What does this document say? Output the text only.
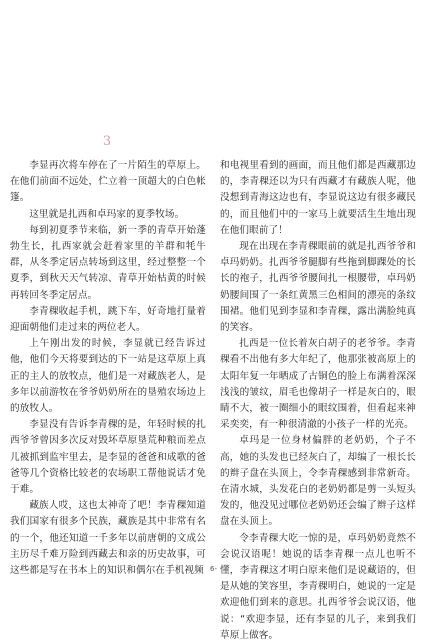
3

李显再次将车停在了一片陌生的草原上。在他们前面不远处，伫立着一顶超大的白色帐篷。

这里就是扎西和卓玛家的夏季牧场。

每到初夏季节来临，新一季的青草开始蓬勃生长，扎西家就会赶着家里的羊群和牦牛群，从冬季定居点转场到这里，经过整整一个夏季，到秋天天气转凉、青草开始枯黄的时候再转回冬季定居点。

李青稞收起手机，跳下车，好奇地打量着迎面朝他们走过来的两位老人。

上午刚出发的时候，李显就已经告诉过他，他们今天将要到达的下一站是这草原上真正的主人的放牧点，他们是一对藏族老人，是多年以前游牧在爷爷奶奶所在的垦殖农场边上的放牧人。

李显没有告诉李青稞的是，年轻时候的扎西爷爷曾因多次反对毁坏草原垦荒种粮而差点儿被抓到监牢里去，是李显的爸爸和成歌的爸爸等几个资格比较老的农场职工帮他说话才免于难。

藏族人哎，这也太神奇了吧！李青稞知道我们国家有很多个民族，藏族是其中非常有名的一个，他还知道一千多年以前唐朝的文成公主历尽千难万险到西藏去和亲的历史故事，可这些都是写在书本上的知识和偶尔在手机视频

和电视里看到的画面，而且他们都是西藏那边的，李青稞还以为只有西藏才有藏族人呢，他没想到青海这边也有，李显说这边有很多藏民的，而且他们中的一家马上就要活生生地出现在他们眼前了！

现在出现在李青稞眼前的就是扎西爷爷和卓玛奶奶。扎西爷爷腿脚有些拖到脚踝处的长长的袍子，扎西爷爷腰间扎一根腰带，卓玛奶奶腰间围了一条红黄黑三色相间的漂亮的条纹围裙。他们见到李显和李青稞，露出满脸纯真的笑容。

扎西是一位长着灰白胡子的老爷爷。李青稞看不出他有多大年纪了，他那张被高原上的太阳年复一年晒成了古铜色的脸上布满着深深浅浅的皱纹，眉毛也像胡子一样是灰白的，眼睛不大，被一圈细小的眼纹围着，但看起来神采奕奕，有一种很清澈的小孩子一样的光亮。

卓玛是一位身材偏胖的老奶奶，个子不高，她的头发也已经灰白了，却编了一根长长的辫子盘在头顶上，令李青稞感到非常新奇。在清水城，头发花白的老奶奶都是剪一头短头发的，他没见过哪位老奶奶还会编了辫子这样盘在头顶上。

令李青稞大吃一惊的是，卓玛奶奶竟然不会说汉语呢！她说的话李青稞一点儿也听不懂，李青稞这才明白原来他们是说藏语的，但是从她的笑容里，李青稞明白，她说的一定是欢迎他们到来的意思。扎西爷爷会说汉语，他说：“欢迎李显，还有李显的儿子，来到我们草原上做客。

6-
